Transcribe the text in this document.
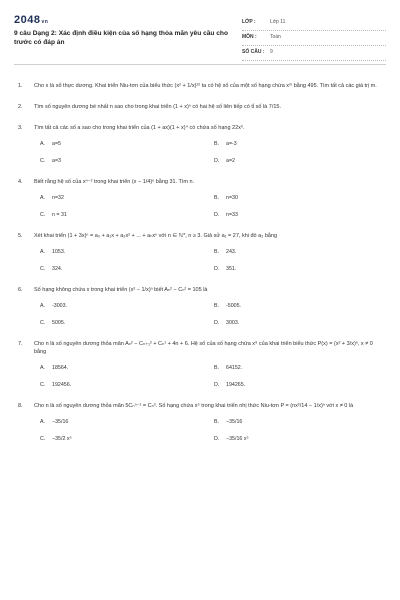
2048vn
9 câu Dạng 2: Xác định điều kiện của số hạng thỏa mãn yêu cầu cho trước có đáp án
LỚP :	Lớp 11
MÔN :	Toán
SỐ CÂU : 9
1. Cho x là số thực dương. Khai triển Niu-tơn của biểu thức (x² + 1/x)¹² ta có hệ số của một số hạng chứa xᵐ bằng 495. Tìm tất cả các giá trị m.
2. Tìm số nguyên dương bé nhất n sao cho trong khai triển (1 + x)ⁿ có hai hệ số liên tiếp có tỉ số là 7/15.
3. Tìm tất cả các số a sao cho trong khai triển của (1 + ax)(1 + x)⁴ có chứa số hạng 22x³.
A. a=5	B. a=-3
C. a=3	D. a=2
4. Biết rằng hệ số của xⁿ⁻² trong khai triển (x − 1/4)ⁿ bằng 31. Tìm n.
A. n=32	B. n=30
C. n = 31	D. n=33
5. Xét khai triển (1 + 3x)ⁿ = a₀ + a₁x + a₂x² + ... + aₙxⁿ với n ∈ ℕ*, n ≥ 3. Giả sử a₁ = 27, khi đó a₂ bằng
A. 1053.	B. 243.
C. 324.	D. 351.
6. Số hạng không chứa x trong khai triển (x² − 1/x)ⁿ biết Aₙ² − Cₙ² = 105 là
A. -3003.	B. -5005.
C. 5005.	D. 3003.
7. Cho n là số nguyên dương thỏa mãn Aₙ² − Cₙ₊₁² + Cₙ¹ + 4n + 6. Hệ số của số hạng chứa x⁹ của khai triển biểu thức P(x) = (x² + 3/x)ⁿ, x ≠ 0 bằng
A. 18564.	B. 64152.
C. 192456.	D. 194265.
8. Cho n là số nguyên dương thỏa mãn 5Cₙⁿ⁻¹ = Cₙ³. Số hạng chứa x⁵ trong khai triển nhị thức Niu-tơn P = (nx²/14 − 1/x)ⁿ với x ≠ 0 là
A. −35/16	B. −35/16
C. −35/2 x⁵	D. −35/16 x⁵
